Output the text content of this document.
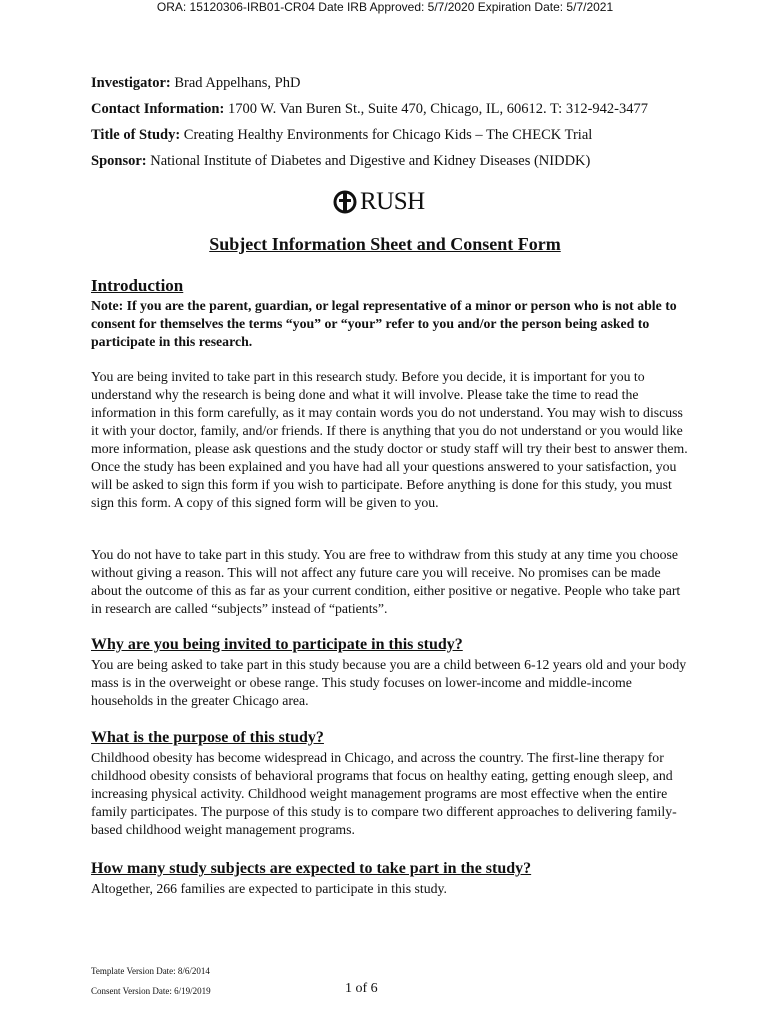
ORA: 15120306-IRB01-CR04 Date IRB Approved: 5/7/2020 Expiration Date: 5/7/2021
Investigator: Brad Appelhans, PhD
Contact Information: 1700 W. Van Buren St., Suite 470, Chicago, IL, 60612. T: 312-942-3477
Title of Study: Creating Healthy Environments for Chicago Kids – The CHECK Trial
Sponsor: National Institute of Diabetes and Digestive and Kidney Diseases (NIDDK)
RUSH
Subject Information Sheet and Consent Form
Introduction
Note: If you are the parent, guardian, or legal representative of a minor or person who is not able to consent for themselves the terms “you” or “your” refer to you and/or the person being asked to participate in this research.
You are being invited to take part in this research study. Before you decide, it is important for you to understand why the research is being done and what it will involve. Please take the time to read the information in this form carefully, as it may contain words you do not understand. You may wish to discuss it with your doctor, family, and/or friends. If there is anything that you do not understand or you would like more information, please ask questions and the study doctor or study staff will try their best to answer them. Once the study has been explained and you have had all your questions answered to your satisfaction, you will be asked to sign this form if you wish to participate. Before anything is done for this study, you must sign this form. A copy of this signed form will be given to you.
You do not have to take part in this study. You are free to withdraw from this study at any time you choose without giving a reason. This will not affect any future care you will receive. No promises can be made about the outcome of this as far as your current condition, either positive or negative. People who take part in research are called “subjects” instead of “patients”.
Why are you being invited to participate in this study?
You are being asked to take part in this study because you are a child between 6-12 years old and your body mass is in the overweight or obese range. This study focuses on lower-income and middle-income households in the greater Chicago area.
What is the purpose of this study?
Childhood obesity has become widespread in Chicago, and across the country. The first-line therapy for childhood obesity consists of behavioral programs that focus on healthy eating, getting enough sleep, and increasing physical activity. Childhood weight management programs are most effective when the entire family participates. The purpose of this study is to compare two different approaches to delivering family-based childhood weight management programs.
How many study subjects are expected to take part in the study?
Altogether, 266 families are expected to participate in this study.
Template Version Date: 8/6/2014
Consent Version Date: 6/19/2019	1 of 6
